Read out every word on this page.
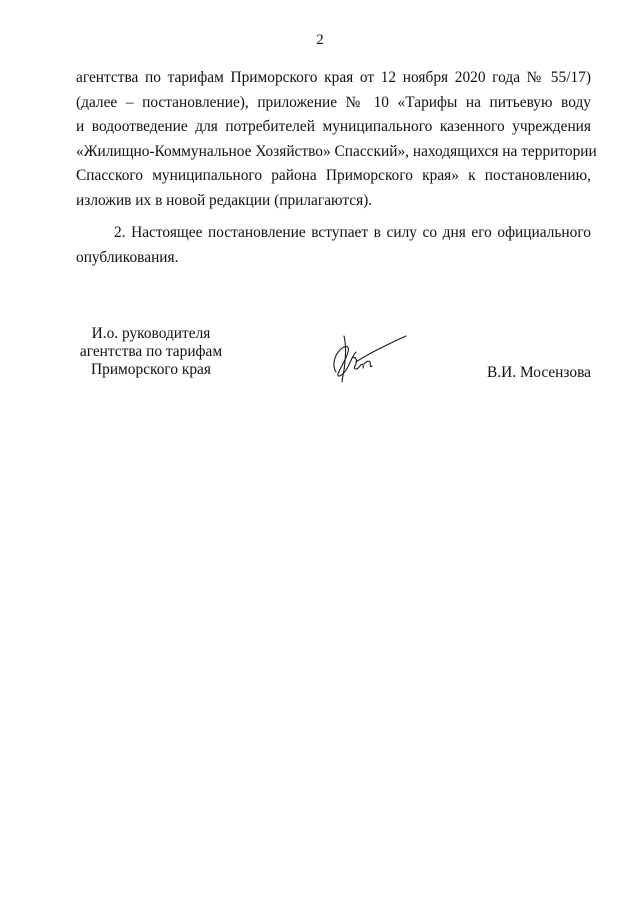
2
агентства по тарифам Приморского края от 12 ноября 2020 года № 55/17)
(далее – постановление), приложение № 10 «Тарифы на питьевую воду
и водоотведение для потребителей муниципального казенного учреждения
«Жилищно-Коммунальное Хозяйство» Спасский», находящихся на территории
Спасского муниципального района Приморского края» к постановлению,
изложив их в новой редакции (прилагаются).
2. Настоящее постановление вступает в силу со дня его официального
опубликования.
И.о. руководителя
агентства по тарифам
Приморского края	В.И. Мосензова
